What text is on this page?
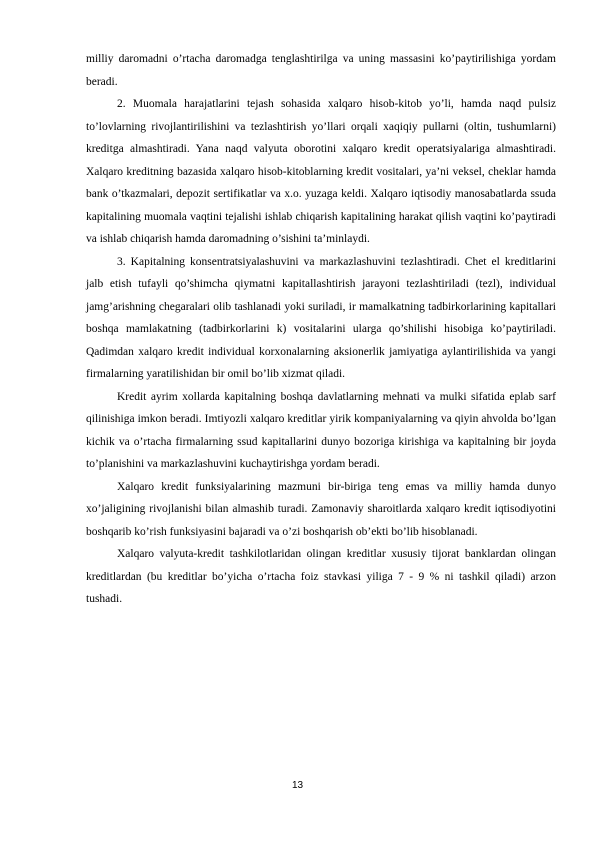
milliy daromadni o’rtacha daromadga tenglashtirilga va uning massasini ko’paytirilishiga yordam beradi.

2. Muomala harajatlarini tejash sohasida xalqaro hisob-kitob yo’li, hamda naqd pulsiz to’lovlarning rivojlantirilishini va tezlashtirish yo’llari orqali xaqiqiy pullarni (oltin, tushumlarni) kreditga almashtiradi. Yana naqd valyuta oborotini xalqaro kredit operatsiyalariga almashtiradi. Xalqaro kreditning bazasida xalqaro hisob-kitoblarning kredit vositalari, ya’ni veksel, cheklar hamda bank o’tkazmalari, depozit sertifikatlar va x.o. yuzaga keldi. Xalqaro iqtisodiy manosabatlarda ssuda kapitalining muomala vaqtini tejalishi ishlab chiqarish kapitalining harakat qilish vaqtini ko’paytiradi va ishlab chiqarish hamda daromadning o’sishini ta’minlaydi.

3. Kapitalning konsentratsiyalashuvini va markazlashuvini tezlashtiradi. Chet el kreditlarini jalb etish tufayli qo’shimcha qiymatni kapitallashtirish jarayoni tezlashtiriladi (tezl), individual jamg’arishning chegaralari olib tashlanadi yoki suriladi, ir mamalkatning tadbirkorlarining kapitallari boshqa mamlakatning (tadbirkorlarini k) vositalarini ularga qo’shilishi hisobiga ko’paytiriladi. Qadimdan xalqaro kredit individual korxonalarning aksionerlik jamiyatiga aylantirilishida va yangi firmalarning yaratilishidan bir omil bo’lib xizmat qiladi.

Kredit ayrim xollarda kapitalning boshqa davlatlarning mehnati va mulki sifatida eplab sarf qilinishiga imkon beradi. Imtiyozli xalqaro kreditlar yirik kompaniyalarning va qiyin ahvolda bo’lgan kichik va o’rtacha firmalarning ssud kapitallarini dunyo bozoriga kirishiga va kapitalning bir joyda to’planishini va markazlashuvini kuchaytirishga yordam beradi.

Xalqaro kredit funksiyalarining mazmuni bir-biriga teng emas va milliy hamda dunyo xo’jaligining rivojlanishi bilan almashib turadi. Zamonaviy sharoitlarda xalqaro kredit iqtisodiyotini boshqarib ko’rish funksiyasini bajaradi va o’zi boshqarish ob’ekti bo’lib hisoblanadi.

Xalqaro valyuta-kredit tashkilotlaridan olingan kreditlar xususiy tijorat banklardan olingan kreditlardan (bu kreditlar bo’yicha o’rtacha foiz stavkasi yiliga 7 - 9 % ni tashkil qiladi) arzon tushadi.

13
